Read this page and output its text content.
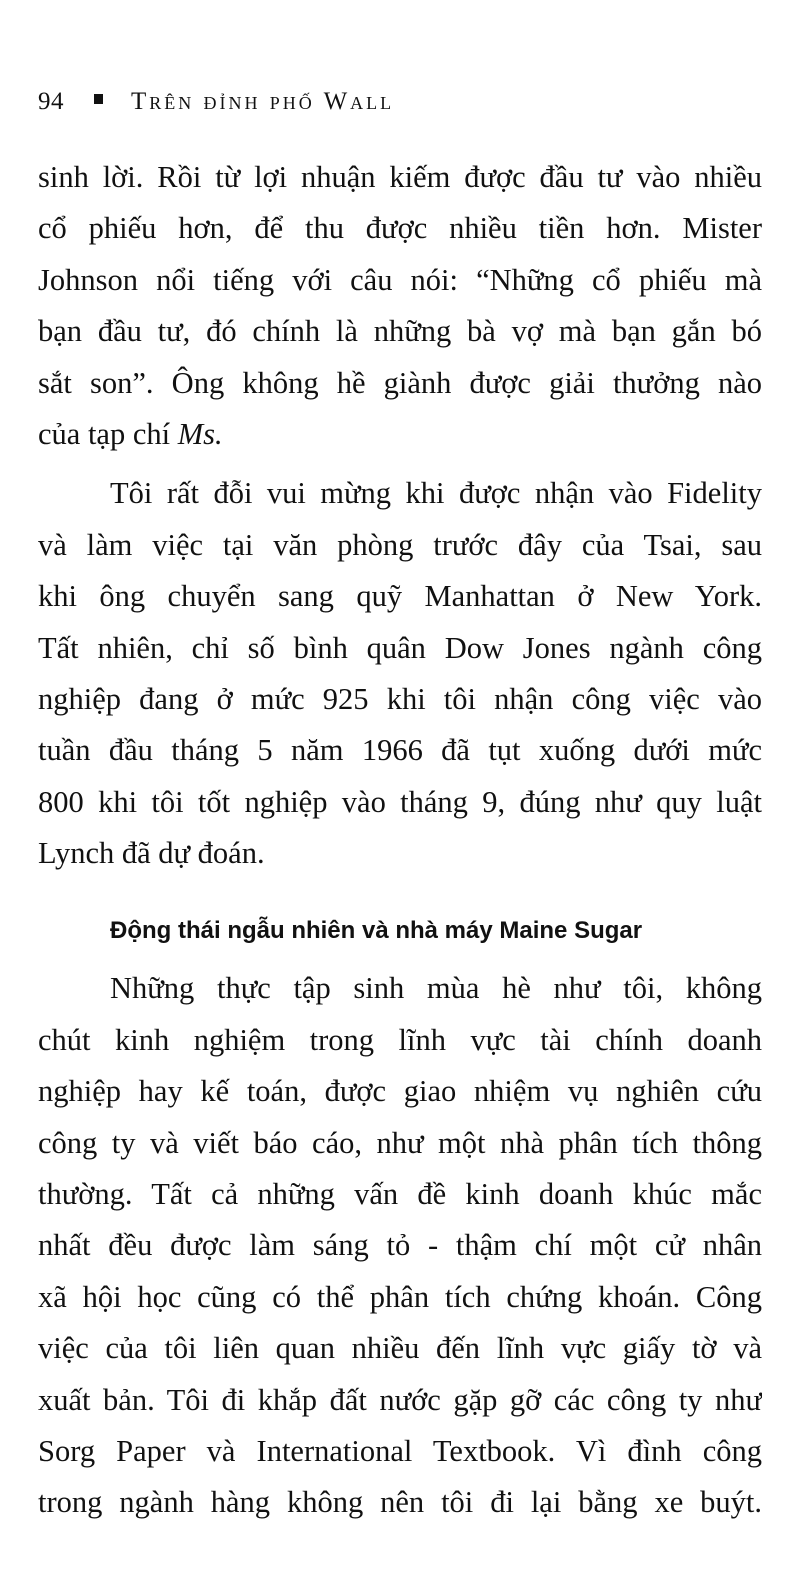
94	Trên đỉnh phố Wall
sinh lời. Rồi từ lợi nhuận kiếm được đầu tư vào nhiều
cổ phiếu hơn, để thu được nhiều tiền hơn. Mister
Johnson nổi tiếng với câu nói: “Những cổ phiếu mà
bạn đầu tư, đó chính là những bà vợ mà bạn gắn bó
sắt son”. Ông không hề giành được giải thưởng nào
của tạp chí Ms.
Tôi rất đỗi vui mừng khi được nhận vào Fidelity
và làm việc tại văn phòng trước đây của Tsai, sau
khi ông chuyển sang quỹ Manhattan ở New York.
Tất nhiên, chỉ số bình quân Dow Jones ngành công
nghiệp đang ở mức 925 khi tôi nhận công việc vào
tuần đầu tháng 5 năm 1966 đã tụt xuống dưới mức
800 khi tôi tốt nghiệp vào tháng 9, đúng như quy luật
Lynch đã dự đoán.
Động thái ngẫu nhiên và nhà máy Maine Sugar
Những thực tập sinh mùa hè như tôi, không
chút kinh nghiệm trong lĩnh vực tài chính doanh
nghiệp hay kế toán, được giao nhiệm vụ nghiên cứu
công ty và viết báo cáo, như một nhà phân tích thông
thường. Tất cả những vấn đề kinh doanh khúc mắc
nhất đều được làm sáng tỏ - thậm chí một cử nhân
xã hội học cũng có thể phân tích chứng khoán. Công
việc của tôi liên quan nhiều đến lĩnh vực giấy tờ và
xuất bản. Tôi đi khắp đất nước gặp gỡ các công ty như
Sorg Paper và International Textbook. Vì đình công
trong ngành hàng không nên tôi đi lại bằng xe buýt.
